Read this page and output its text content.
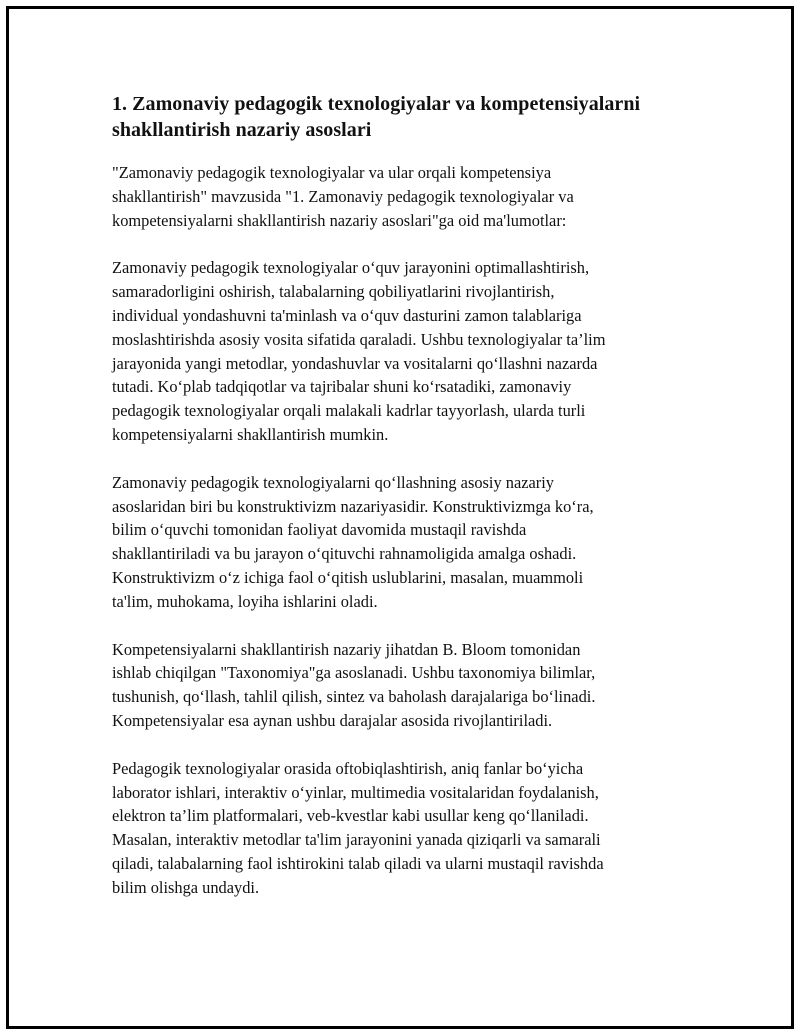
1. Zamonaviy pedagogik texnologiyalar va kompetensiyalarni
shakllantirish nazariy asoslari

"Zamonaviy pedagogik texnologiyalar va ular orqali kompetensiya
shakllantirish" mavzusida "1. Zamonaviy pedagogik texnologiyalar va
kompetensiyalarni shakllantirish nazariy asoslari"ga oid ma'lumotlar:

Zamonaviy pedagogik texnologiyalar o‘quv jarayonini optimallashtirish,
samaradorligini oshirish, talabalarning qobiliyatlarini rivojlantirish,
individual yondashuvni ta'minlash va o‘quv dasturini zamon talablariga
moslashtirishda asosiy vosita sifatida qaraladi. Ushbu texnologiyalar ta’lim
jarayonida yangi metodlar, yondashuvlar va vositalarni qo‘llashni nazarda
tutadi. Ko‘plab tadqiqotlar va tajribalar shuni ko‘rsatadiki, zamonaviy
pedagogik texnologiyalar orqali malakali kadrlar tayyorlash, ularda turli
kompetensiyalarni shakllantirish mumkin.

Zamonaviy pedagogik texnologiyalarni qo‘llashning asosiy nazariy
asoslaridan biri bu konstruktivizm nazariyasidir. Konstruktivizmga ko‘ra,
bilim o‘quvchi tomonidan faoliyat davomida mustaqil ravishda
shakllantiriladi va bu jarayon o‘qituvchi rahnamoligida amalga oshadi.
Konstruktivizm o‘z ichiga faol o‘qitish uslublarini, masalan, muammoli
ta'lim, muhokama, loyiha ishlarini oladi.

Kompetensiyalarni shakllantirish nazariy jihatdan B. Bloom tomonidan
ishlab chiqilgan "Taxonomiya"ga asoslanadi. Ushbu taxonomiya bilimlar,
tushunish, qo‘llash, tahlil qilish, sintez va baholash darajalariga bo‘linadi.
Kompetensiyalar esa aynan ushbu darajalar asosida rivojlantiriladi.

Pedagogik texnologiyalar orasida oftobiqlashtirish, aniq fanlar bo‘yicha
laborator ishlari, interaktiv o‘yinlar, multimedia vositalaridan foydalanish,
elektron ta’lim platformalari, veb-kvestlar kabi usullar keng qo‘llaniladi.
Masalan, interaktiv metodlar ta'lim jarayonini yanada qiziqarli va samarali
qiladi, talabalarning faol ishtirokini talab qiladi va ularni mustaqil ravishda
bilim olishga undaydi.
